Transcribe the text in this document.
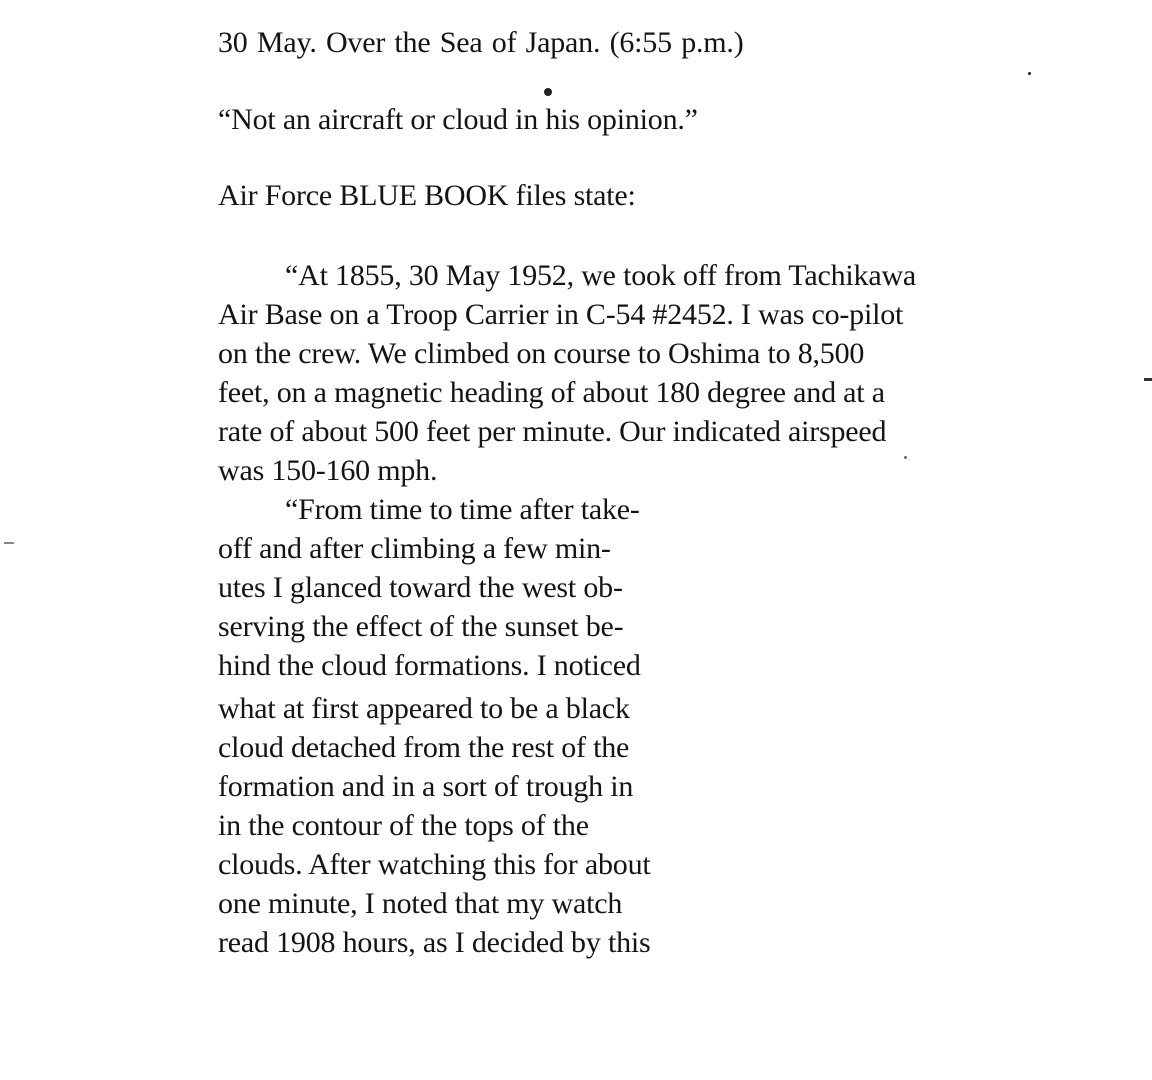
30 May. Over the Sea of Japan. (6:55 p.m.)
“Not an aircraft or cloud in his opinion.”
Air Force BLUE BOOK files state:
“At 1855, 30 May 1952, we took off from Tachikawa
Air Base on a Troop Carrier in C-54 #2452. I was co-pilot
on the crew. We climbed on course to Oshima to 8,500
feet, on a magnetic heading of about 180 degree and at a
rate of about 500 feet per minute. Our indicated airspeed
was 150-160 mph.
“From time to time after take-
off and after climbing a few min-
utes I glanced toward the west ob-
serving the effect of the sunset be-
hind the cloud formations. I noticed
what at first appeared to be a black
cloud detached from the rest of the
formation and in a sort of trough in
in the contour of the tops of the
clouds. After watching this for about
one minute, I noted that my watch
read 1908 hours, as I decided by this
